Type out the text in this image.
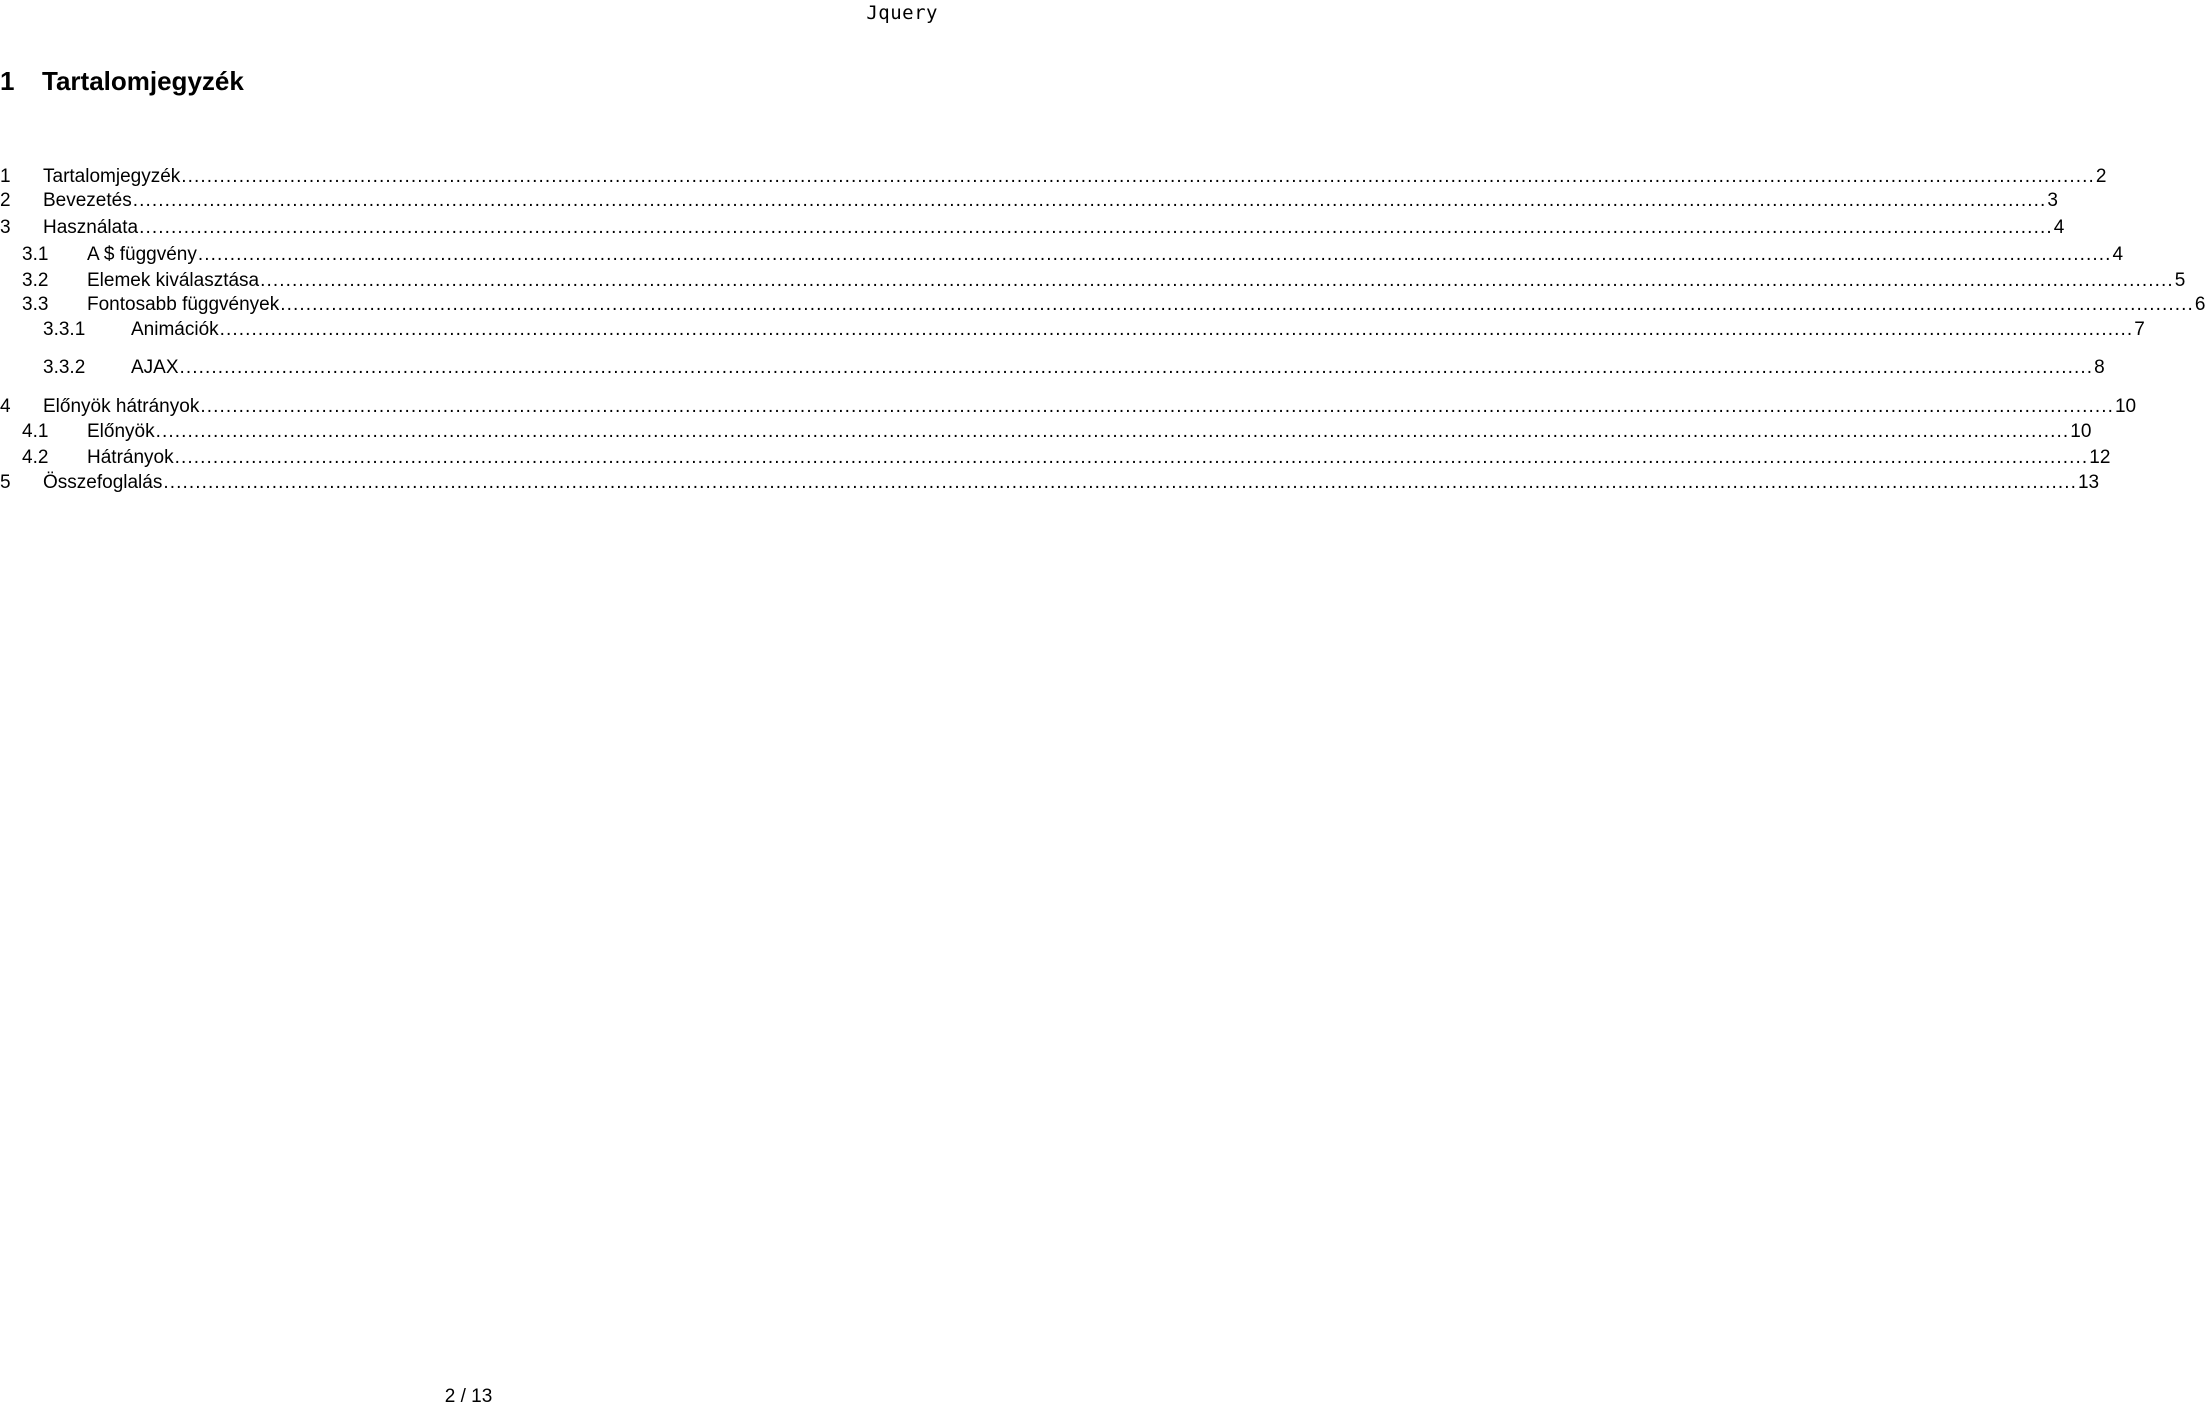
Jquery
1 Tartalomjegyzék
1 Tartalomjegyzék ............................................................................................................................................................................................................................................................................................................ 2
2 Bevezetés ............................................................................................................................................................................................................................................................................................................ 3
3 Használata ............................................................................................................................................................................................................................................................................................................ 4
3.1 A $ függvény ............................................................................................................................................................................................................................................................................................................ 4
3.2 Elemek kiválasztása ............................................................................................................................................................................................................................................................................................................ 5
3.3 Fontosabb függvények ............................................................................................................................................................................................................................................................................................................ 6
3.3.1 Animációk ............................................................................................................................................................................................................................................................................................................ 7
3.3.2 AJAX ............................................................................................................................................................................................................................................................................................................ 8
4 Előnyök hátrányok ............................................................................................................................................................................................................................................................................................................ 10
4.1 Előnyök ............................................................................................................................................................................................................................................................................................................ 10
4.2 Hátrányok ............................................................................................................................................................................................................................................................................................................ 12
5 Összefoglalás ............................................................................................................................................................................................................................................................................................................ 13
2 / 13
